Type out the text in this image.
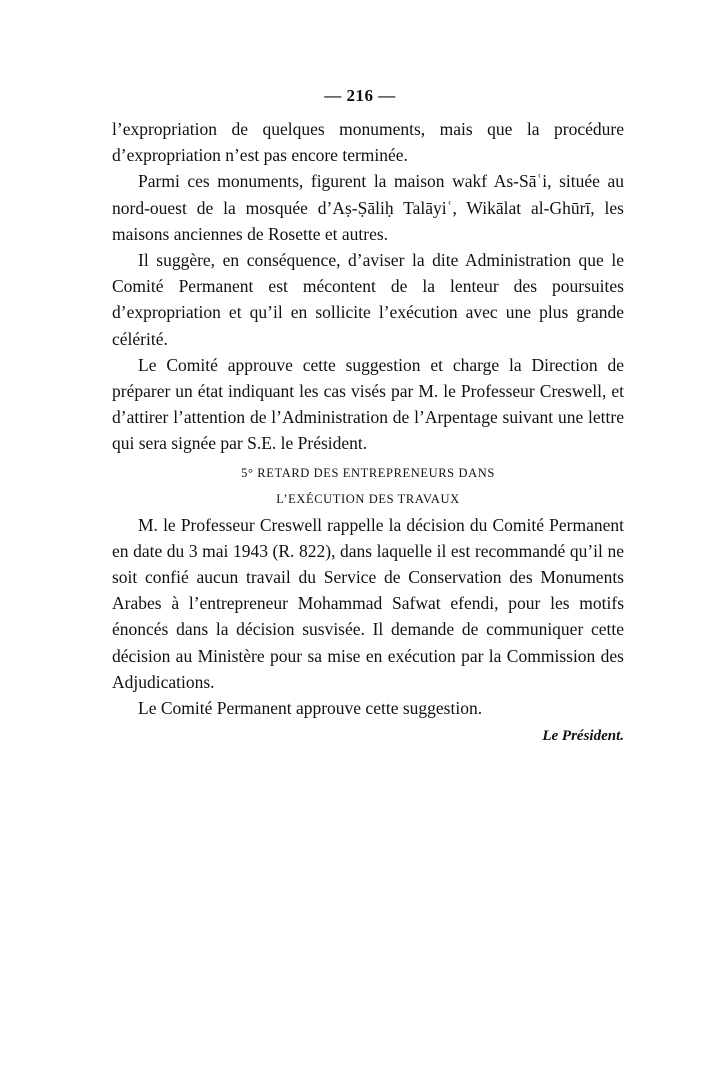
— 216 —

l’expropriation de quelques monuments, mais que la procédure d’expropriation n’est pas encore terminée.

Parmi ces monuments, figurent la maison wakf As-Sāʿi, située au nord-ouest de la mosquée d’Aṣ-Ṣāliḥ Talāyiʿ, Wikālat al-Ghūrī, les maisons anciennes de Rosette et autres.

Il suggère, en conséquence, d’aviser la dite Administration que le Comité Permanent est mécontent de la lenteur des poursuites d’expropriation et qu’il en sollicite l’exécution avec une plus grande célérité.

Le Comité approuve cette suggestion et charge la Direction de préparer un état indiquant les cas visés par M. le Professeur Creswell, et d’attirer l’attention de l’Administration de l’Arpentage suivant une lettre qui sera signée par S.E. le Président.

5° RETARD DES ENTREPRENEURS DANS

L’EXÉCUTION DES TRAVAUX

M. le Professeur Creswell rappelle la décision du Comité Permanent en date du 3 mai 1943 (R. 822), dans laquelle il est recommandé qu’il ne soit confié aucun travail du Service de Conservation des Monuments Arabes à l’entrepreneur Mohammad Safwat efendi, pour les motifs énoncés dans la décision susvisée. Il demande de communiquer cette décision au Ministère pour sa mise en exécution par la Commission des Adjudications.

Le Comité Permanent approuve cette suggestion.

Le Président.
